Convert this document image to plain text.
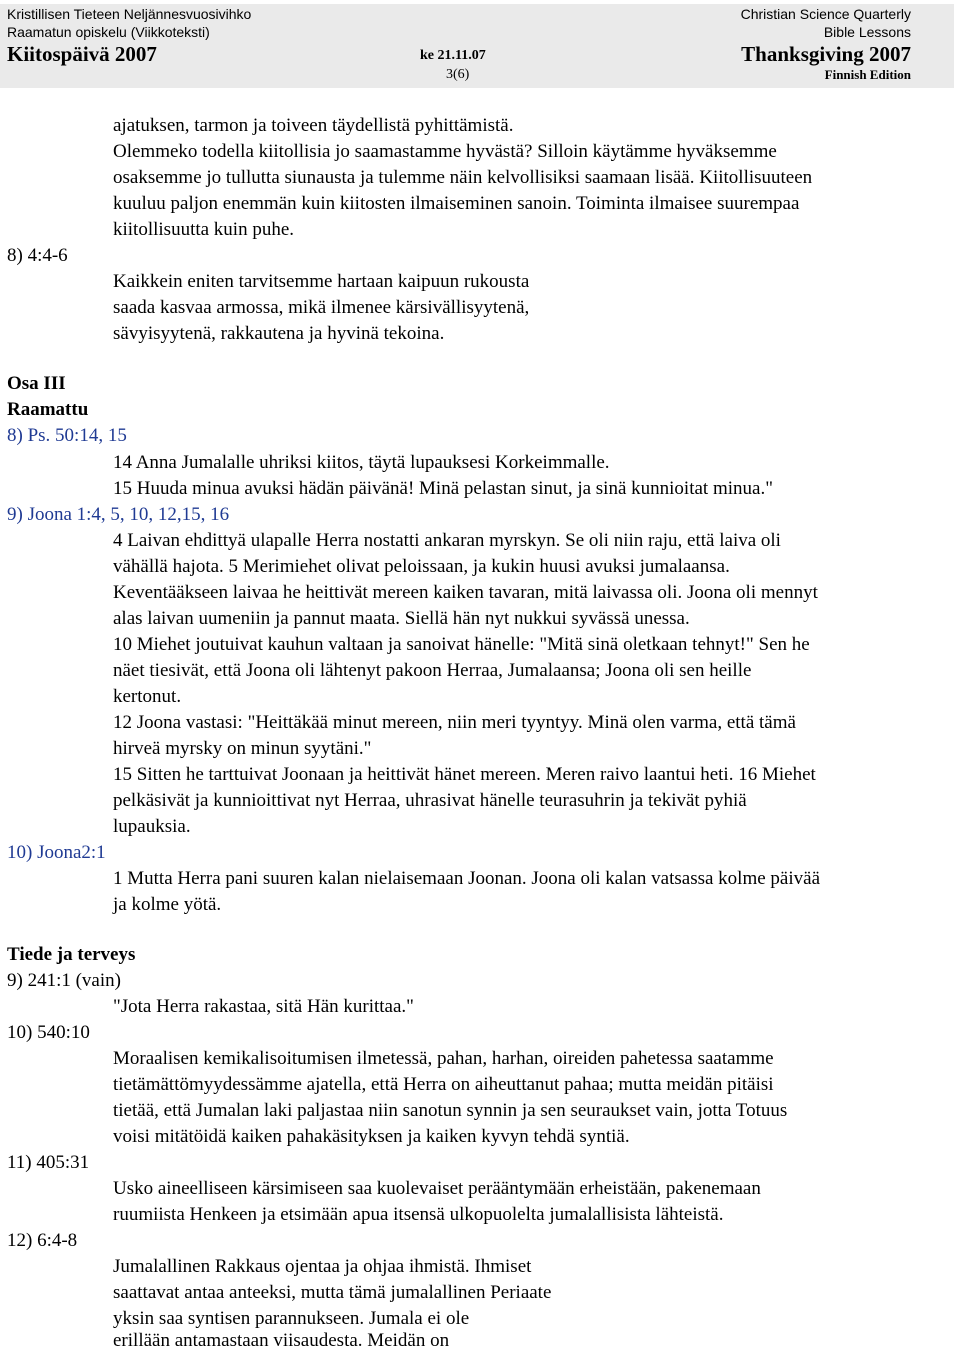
Kristillisen Tieteen Neljännesvuosivihko
Raamatun opiskelu (Viikkoteksti)
Kiitospäivä 2007	ke 21.11.07
3(6)
Christian Science Quarterly
Bible Lessons
Thanksgiving 2007
Finnish Edition
ajatuksen, tarmon ja toiveen täydellistä pyhittämistä.
Olemmeko todella kiitollisia jo saamastamme hyvästä? Silloin käytämme hyväksemme
osaksemme jo tullutta siunausta ja tulemme näin kelvollisiksi saamaan lisää. Kiitollisuuteen
kuuluu paljon enemmän kuin kiitosten ilmaiseminen sanoin. Toiminta ilmaisee suurempaa
kiitollisuutta kuin puhe.
8) 4:4-6
Kaikkein eniten tarvitsemme hartaan kaipuun rukousta
saada kasvaa armossa, mikä ilmenee kärsivällisyytenä,
sävyisyytenä, rakkautena ja hyvinä tekoina.
Osa III
Raamattu
8) Ps. 50:14, 15
14 Anna Jumalalle uhriksi kiitos, täytä lupauksesi Korkeimmalle.
15 Huuda minua avuksi hädän päivänä! Minä pelastan sinut, ja sinä kunnioitat minua."
9) Joona 1:4, 5, 10, 12,15, 16
4 Laivan ehdittyä ulapalle Herra nostatti ankaran myrskyn. Se oli niin raju, että laiva oli
vähällä hajota. 5 Merimiehet olivat peloissaan, ja kukin huusi avuksi jumalaansa.
Keventääkseen laivaa he heittivät mereen kaiken tavaran, mitä laivassa oli. Joona oli mennyt
alas laivan uumeniin ja pannut maata. Siellä hän nyt nukkui syvässä unessa.
10 Miehet joutuivat kauhun valtaan ja sanoivat hänelle: "Mitä sinä oletkaan tehnyt!" Sen he
näet tiesivät, että Joona oli lähtenyt pakoon Herraa, Jumalaansa; Joona oli sen heille
kertonut.
12 Joona vastasi: "Heittäkää minut mereen, niin meri tyyntyy. Minä olen varma, että tämä
hirveä myrsky on minun syytäni."
15 Sitten he tarttuivat Joonaan ja heittivät hänet mereen. Meren raivo laantui heti. 16 Miehet
pelkäsivät ja kunnioittivat nyt Herraa, uhrasivat hänelle teurasuhrin ja tekivät pyhiä
lupauksia.
10) Joona2:1
1 Mutta Herra pani suuren kalan nielaisemaan Joonan. Joona oli kalan vatsassa kolme päivää
ja kolme yötä.
Tiede ja terveys
9) 241:1 (vain)
"Jota Herra rakastaa, sitä Hän kurittaa."
10) 540:10
Moraalisen kemikalisoitumisen ilmetessä, pahan, harhan, oireiden pahetessa saatamme
tietämättömyydessämme ajatella, että Herra on aiheuttanut pahaa; mutta meidän pitäisi
tietää, että Jumalan laki paljastaa niin sanotun synnin ja sen seuraukset vain, jotta Totuus
voisi mitätöidä kaiken pahakäsityksen ja kaiken kyvyn tehdä syntiä.
11) 405:31
Usko aineelliseen kärsimiseen saa kuolevaiset perääntymään erheistään, pakenemaan
ruumiista Henkeen ja etsimään apua itsensä ulkopuolelta jumalallisista lähteistä.
12) 6:4-8
Jumalallinen Rakkaus ojentaa ja ohjaa ihmistä. Ihmiset
saattavat antaa anteeksi, mutta tämä jumalallinen Periaate
yksin saa syntisen parannukseen. Jumala ei ole
erillään antamastaan viisaudesta. Meidän on
